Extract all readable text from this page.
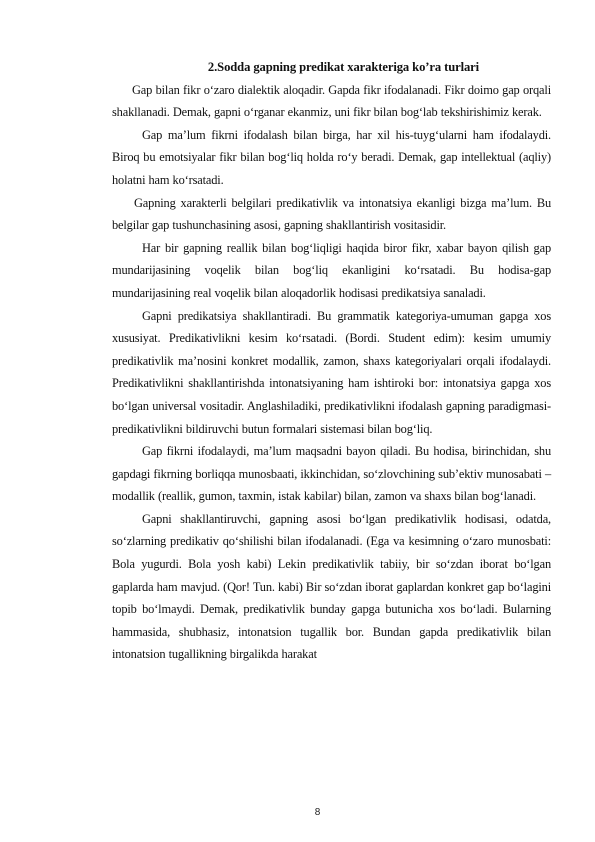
2.Sodda gapning predikat xarakteriga ko’ra turlari

Gap bilan fikr o‘zaro dialektik aloqadir. Gapda fikr ifodalanadi. Fikr doimo gap orqali shakllanadi. Demak, gapni o‘rganar ekanmiz, uni fikr bilan bog‘lab tekshirishimiz kerak.

Gap ma’lum fikrni ifodalash bilan birga, har xil his-tuyg‘ularni ham ifodalaydi. Biroq bu emotsiyalar fikr bilan bog‘liq holda ro‘y beradi. Demak, gap intellektual (aqliy) holatni ham ko‘rsatadi.

Gapning xarakterli belgilari predikativlik va intonatsiya ekanligi bizga ma’lum. Bu belgilar gap tushunchasining asosi, gapning shakllantirish vositasidir.

Har bir gapning reallik bilan bog‘liqligi haqida biror fikr, xabar bayon qilish gap mundarijasining voqelik bilan bog‘liq ekanligini ko‘rsatadi. Bu hodisa-gap mundarijasining real voqelik bilan aloqadorlik hodisasi predikatsiya sanaladi.

Gapni predikatsiya shakllantiradi. Bu grammatik kategoriya-umuman gapga xos xususiyat. Predikativlikni kesim ko‘rsatadi. (Bordi. Student edim): kesim umumiy predikativlik ma’nosini konkret modallik, zamon, shaxs kategoriyalari orqali ifodalaydi. Predikativlikni shakllantirishda intonatsiyaning ham ishtiroki bor: intonatsiya gapga xos bo‘lgan universal vositadir. Anglashiladiki, predikativlikni ifodalash gapning paradigmasi-predikativlikni bildiruvchi butun formalari sistemasi bilan bog‘liq.

Gap fikrni ifodalaydi, ma’lum maqsadni bayon qiladi. Bu hodisa, birinchidan, shu gapdagi fikrning borliqqa munosbaati, ikkinchidan, so‘zlovchining sub’ektiv munosabati – modallik (reallik, gumon, taxmin, istak kabilar) bilan, zamon va shaxs bilan bog‘lanadi.

Gapni shakllantiruvchi, gapning asosi bo‘lgan predikativlik hodisasi, odatda, so‘zlarning predikativ qo‘shilishi bilan ifodalanadi. (Ega va kesimning o‘zaro munosbati: Bola yugurdi. Bola yosh kabi) Lekin predikativlik tabiiy, bir so‘zdan iborat bo‘lgan gaplarda ham mavjud. (Qor! Tun. kabi) Bir so‘zdan iborat gaplardan konkret gap bo‘lagini topib bo‘lmaydi. Demak, predikativlik bunday gapga butunicha xos bo‘ladi. Bularning hammasida, shubhasiz, intonatsion tugallik bor. Bundan gapda predikativlik bilan intonatsion tugallikning birgalikda harakat

8
